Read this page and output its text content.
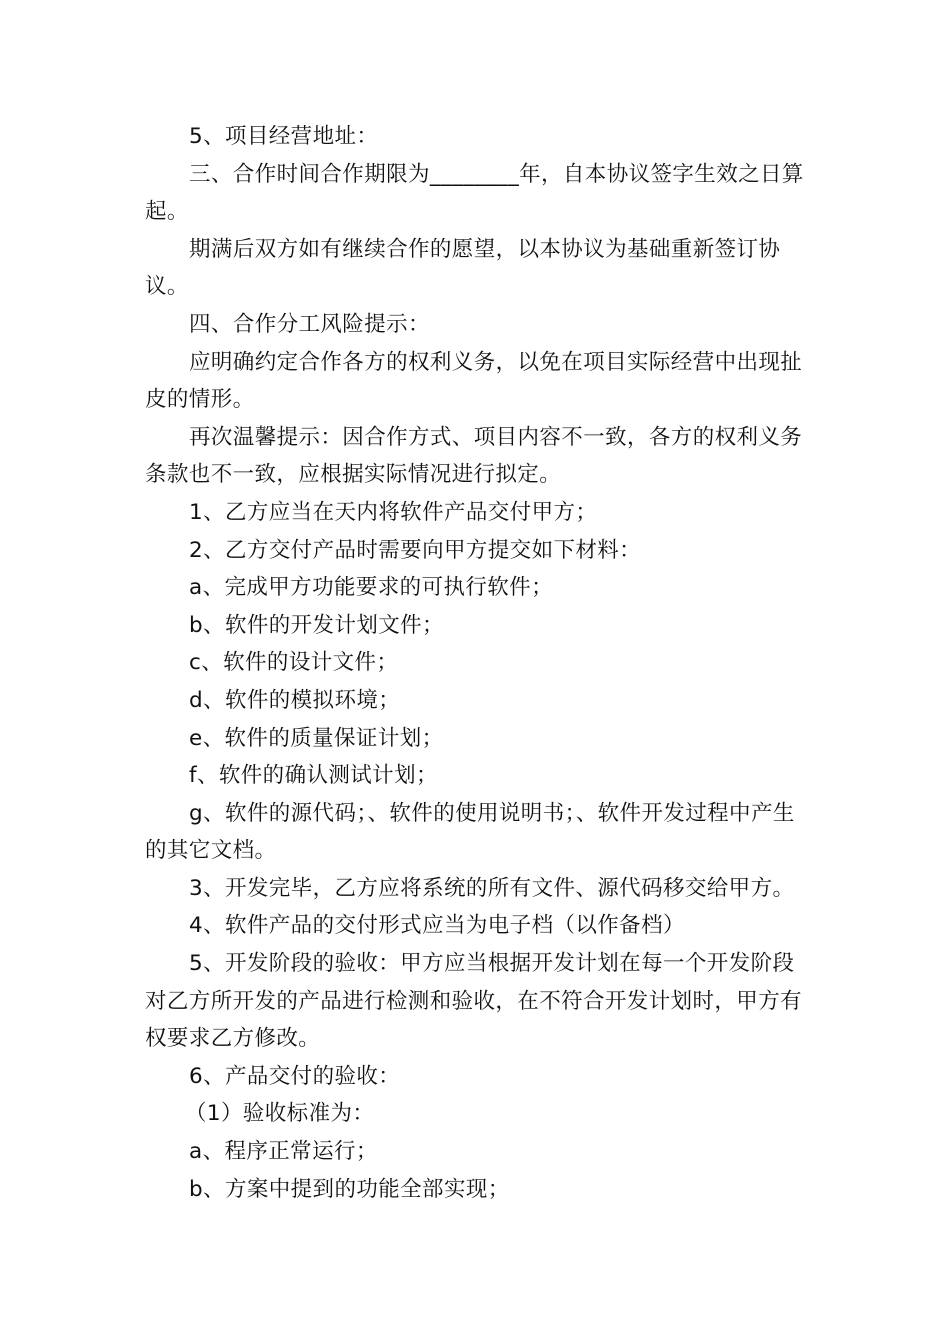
5、项目经营地址：

三、合作时间合作期限为________年，自本协议签字生效之日算起。

期满后双方如有继续合作的愿望，以本协议为基础重新签订协议。

四、合作分工风险提示：

应明确约定合作各方的权利义务，以免在项目实际经营中出现扯皮的情形。

再次温馨提示：因合作方式、项目内容不一致，各方的权利义务条款也不一致，应根据实际情况进行拟定。

1、乙方应当在天内将软件产品交付甲方；

2、乙方交付产品时需要向甲方提交如下材料：

a、完成甲方功能要求的可执行软件；

b、软件的开发计划文件；

c、软件的设计文件；

d、软件的模拟环境；

e、软件的质量保证计划；

f、软件的确认测试计划；

g、软件的源代码；、软件的使用说明书；、软件开发过程中产生的其它文档。

3、开发完毕，乙方应将系统的所有文件、源代码移交给甲方。

4、软件产品的交付形式应当为电子档（以作备档）

5、开发阶段的验收：甲方应当根据开发计划在每一个开发阶段对乙方所开发的产品进行检测和验收，在不符合开发计划时，甲方有权要求乙方修改。

6、产品交付的验收：

（1）验收标准为：

a、程序正常运行；

b、方案中提到的功能全部实现；
